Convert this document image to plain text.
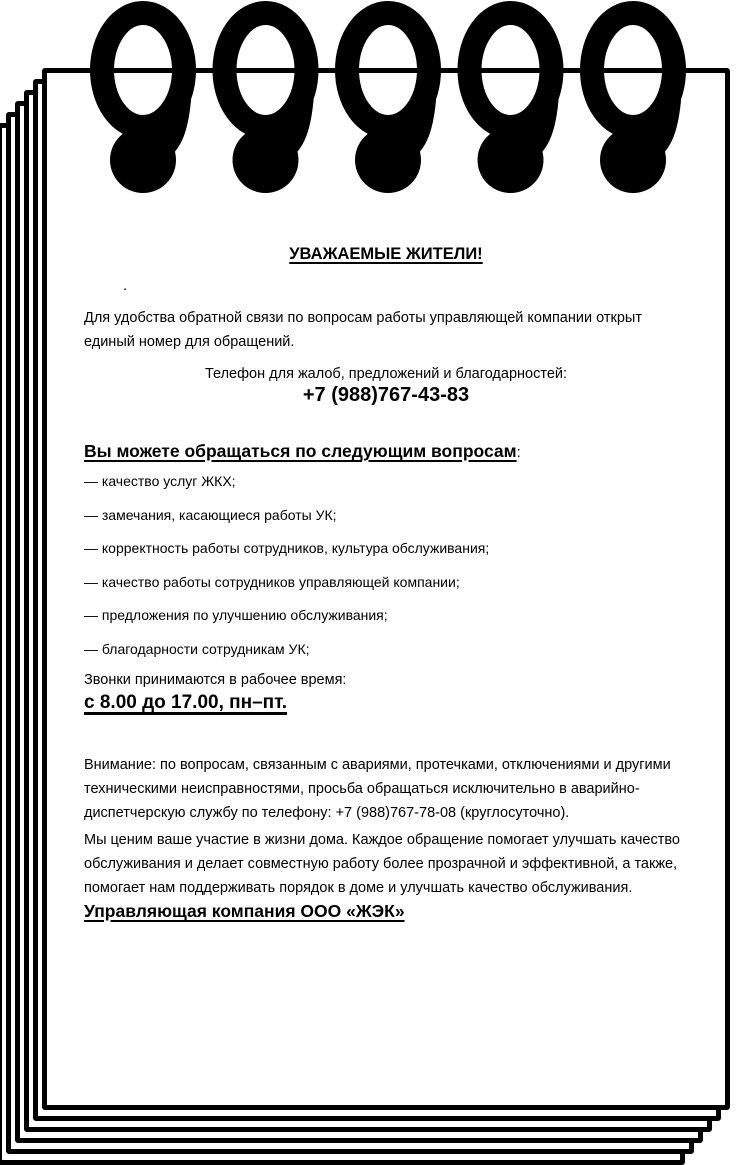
УВАЖАЕМЫЕ ЖИТЕЛИ!
.
Для удобства обратной связи по вопросам работы управляющей компании открыт единый номер для обращений.
Телефон для жалоб, предложений и благодарностей:
+7 (988)767-43-83
Вы можете обращаться по следующим вопросам:
— качество услуг ЖКХ;
— замечания, касающиеся работы УК;
— корректность работы сотрудников, культура обслуживания;
— качество работы сотрудников управляющей компании;
— предложения по улучшению обслуживания;
— благодарности сотрудникам УК;
Звонки принимаются в рабочее время:
с 8.00 до 17.00, пн–пт.
Внимание: по вопросам, связанным с авариями, протечками, отключениями и другими техническими неисправностями, просьба обращаться исключительно в аварийно-диспетчерскую службу по телефону: +7 (988)767-78-08 (круглосуточно).
Мы ценим ваше участие в жизни дома. Каждое обращение помогает улучшать качество обслуживания и делает совместную работу более прозрачной и эффективной, а также, помогает нам поддерживать порядок в доме и улучшать качество обслуживания.
Управляющая компания ООО «ЖЭК»
